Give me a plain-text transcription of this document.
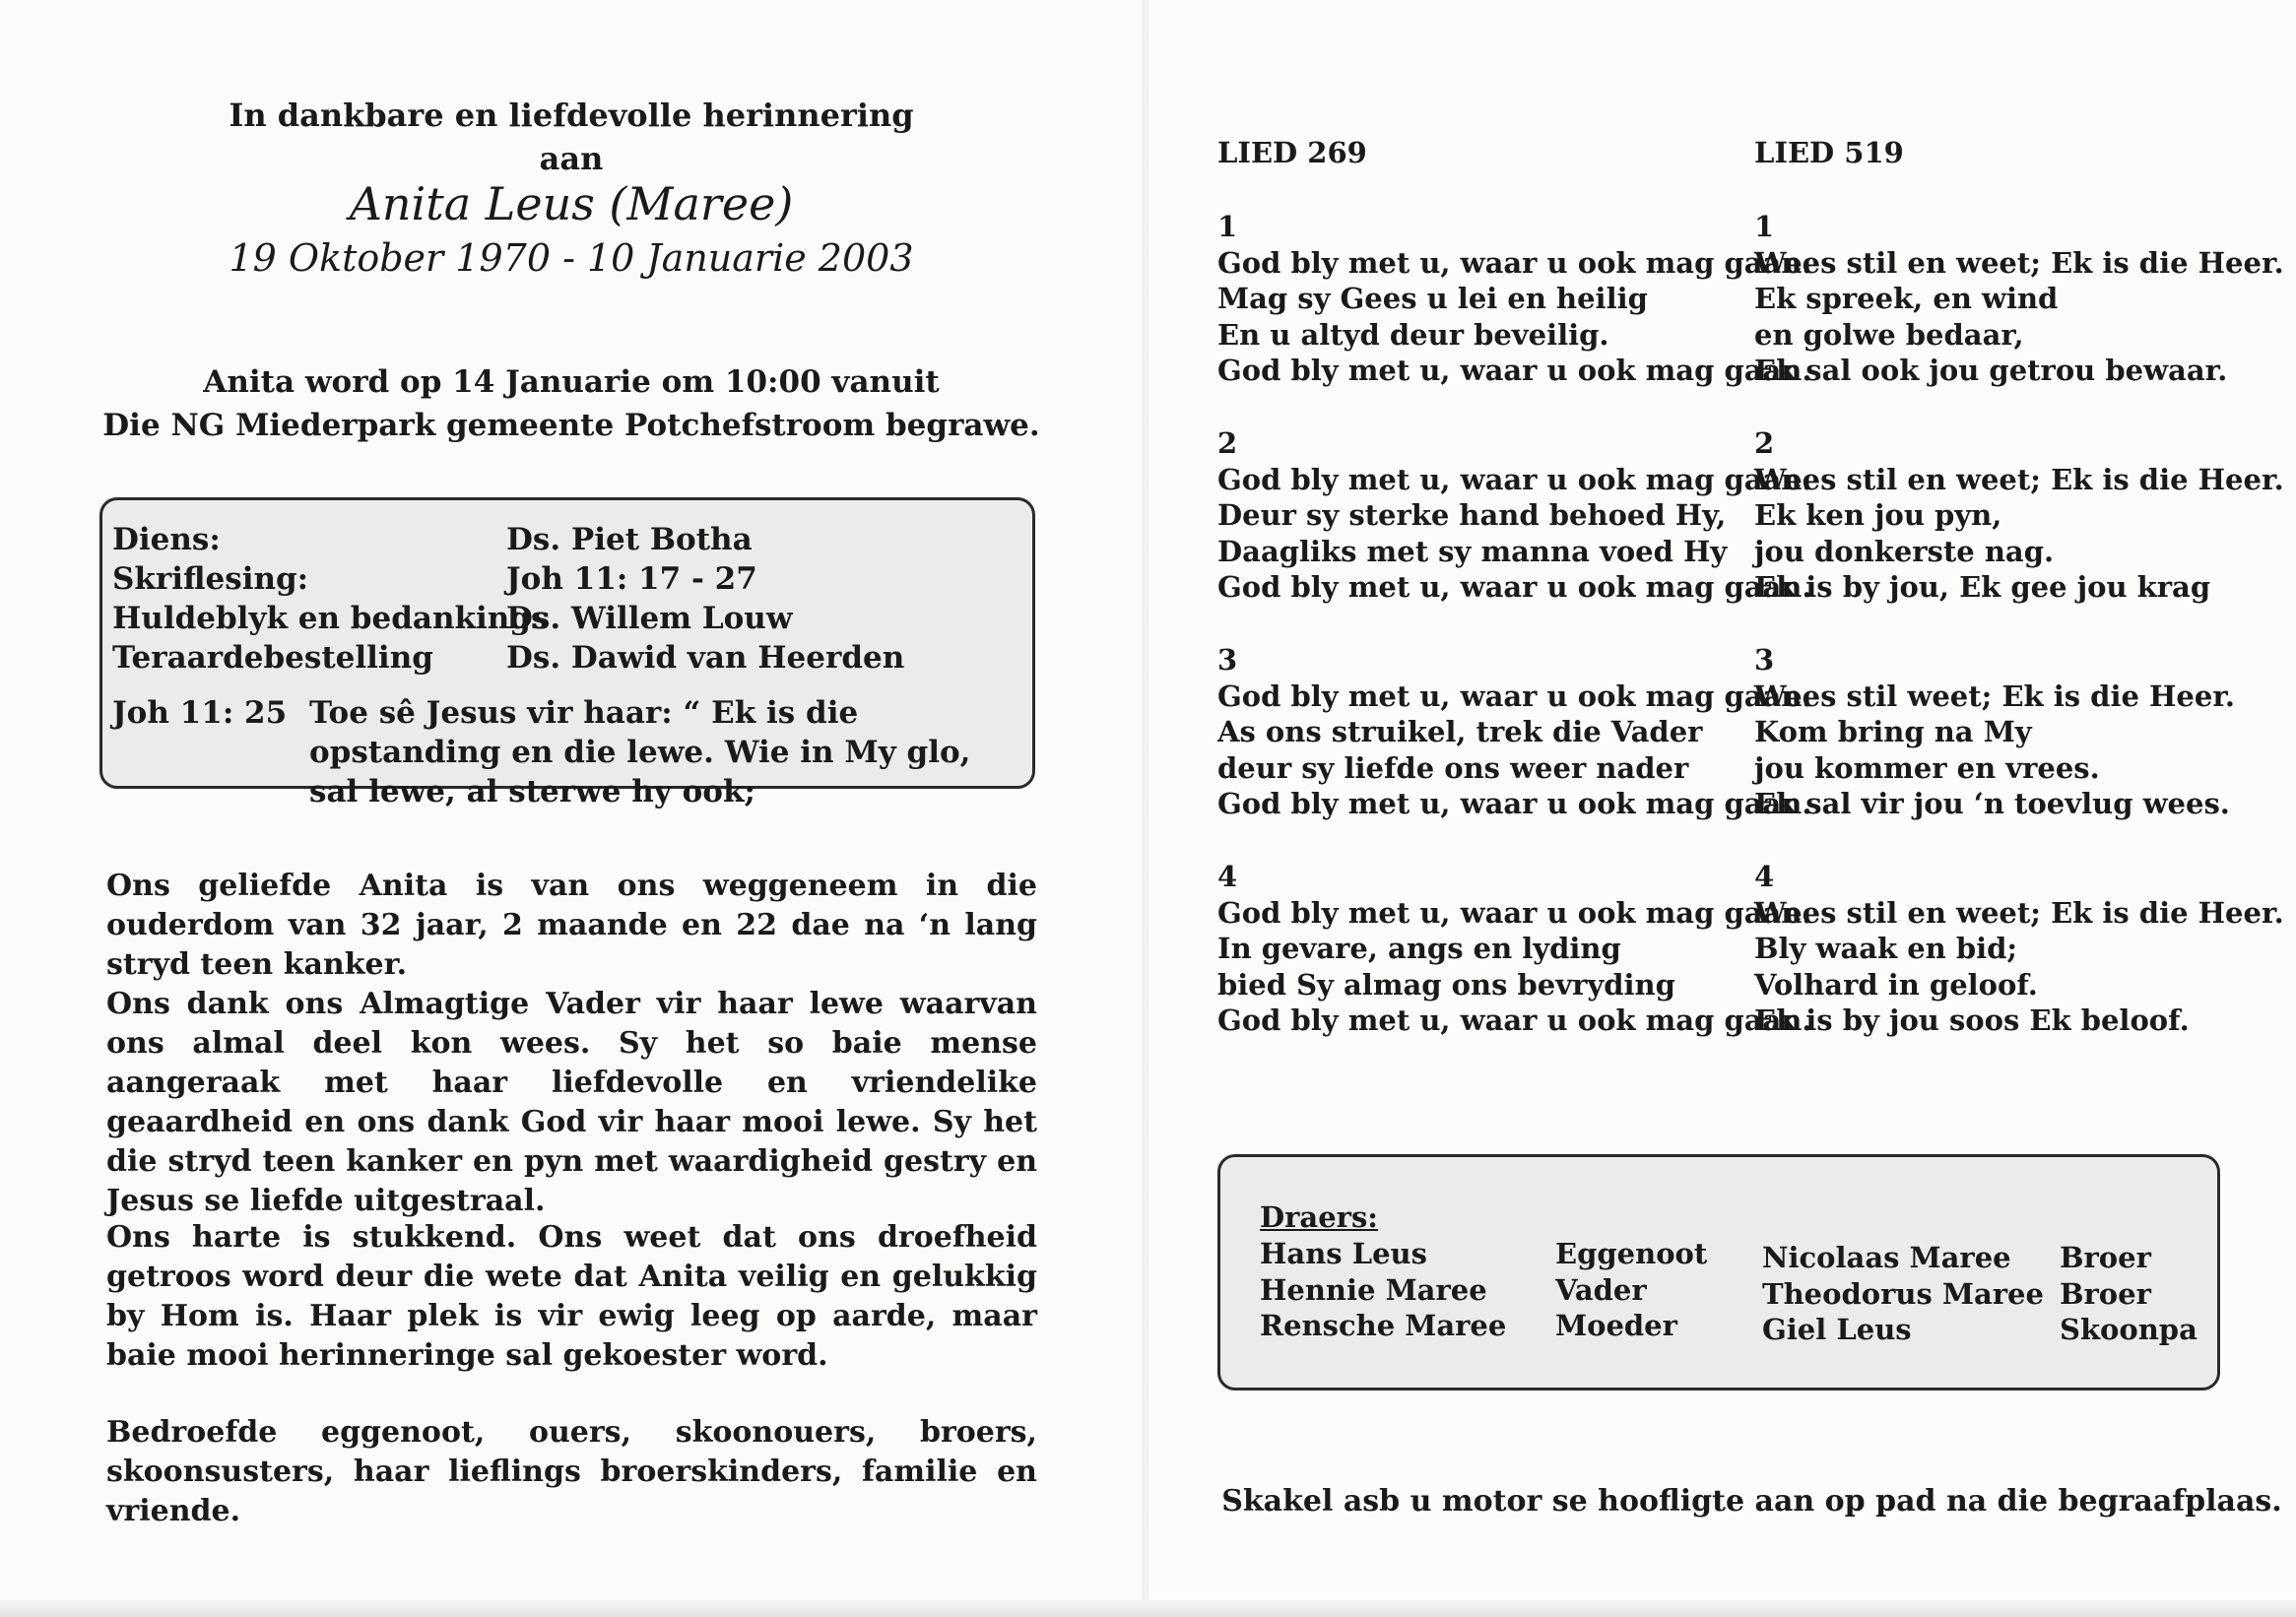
In dankbare en liefdevolle herinnering
aan
Anita Leus (Maree)
19 Oktober 1970 - 10 Januarie 2003
Anita word op 14 Januarie om 10:00 vanuit
Die NG Miederpark gemeente Potchefstroom begrawe.
Diens:	Ds. Piet Botha
Skriflesing:	Joh 11: 17 - 27
Huldeblyk en bedankings
Ds. Willem Louw
Teraardebestelling Ds. Dawid van Heerden
Joh 11: 25 Toe sê Jesus vir haar: “ Ek is die opstanding en die lewe. Wie in My glo, sal lewe, al sterwe hy ook;
Ons geliefde Anita is van ons weggeneem in die ouderdom van 32 jaar, 2 maande en 22 dae na ‘n lang stryd teen kanker.
Ons dank ons Almagtige Vader vir haar lewe waarvan ons almal deel kon wees. Sy het so baie mense aangeraak met haar liefdevolle en vriendelike geaardheid en ons dank God vir haar mooi lewe. Sy het die stryd teen kanker en pyn met waardigheid gestry en Jesus se liefde uitgestraal.
Ons harte is stukkend. Ons weet dat ons droefheid getroos word deur die wete dat Anita veilig en gelukkig by Hom is. Haar plek is vir ewig leeg op aarde, maar baie mooi herinneringe sal gekoester word.
Bedroefde eggenoot, ouers, skoonouers, broers, skoonsusters, haar lieflings broerskinders, familie en vriende.
LIED 269
1
God bly met u, waar u ook mag gaan.
Mag sy Gees u lei en heilig
En u altyd deur beveilig.
God bly met u, waar u ook mag gaan.
2
God bly met u, waar u ook mag gaan.
Deur sy sterke hand behoed Hy,
Daagliks met sy manna voed Hy
God bly met u, waar u ook mag gaan.
3
God bly met u, waar u ook mag gaan.
As ons struikel, trek die Vader
deur sy liefde ons weer nader
God bly met u, waar u ook mag gaan.
4
God bly met u, waar u ook mag gaan.
In gevare, angs en lyding
bied Sy almag ons bevryding
God bly met u, waar u ook mag gaan.
LIED 519
1
Wees stil en weet; Ek is die Heer.
Ek spreek, en wind
en golwe bedaar,
Ek sal ook jou getrou bewaar.
2
Wees stil en weet; Ek is die Heer.
Ek ken jou pyn,
jou donkerste nag.
Ek is by jou, Ek gee jou krag
3
Wees stil weet; Ek is die Heer.
Kom bring na My
jou kommer en vrees.
Ek sal vir jou ‘n toevlug wees.
4
Wees stil en weet; Ek is die Heer.
Bly waak en bid;
Volhard in geloof.
Ek is by jou soos Ek beloof.
Draers:
Hans Leus
Hennie Maree
Rensche Maree
Eggenoot
Vader
Moeder
Nicolaas Maree
Theodorus Maree
Giel Leus
Broer
Broer
Skoonpa
Skakel asb u motor se hoofligte aan op pad na die begraafplaas.
